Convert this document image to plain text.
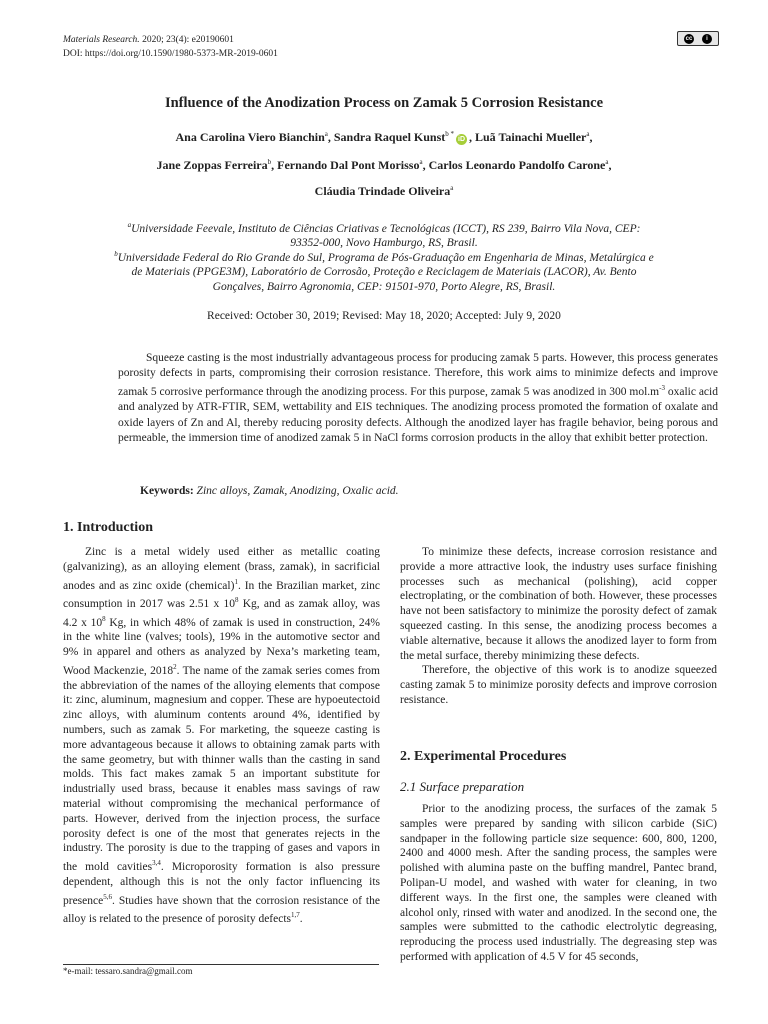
Materials Research. 2020; 23(4): e20190601
DOI: https://doi.org/10.1590/1980-5373-MR-2019-0601
cc	i
Influence of the Anodization Process on Zamak 5 Corrosion Resistance
Ana Carolina Viero Bianchin$^a$, Sandra Raquel Kunst$^{b *}$iD , Luã Tainachi Mueller$^a$,
Jane Zoppas Ferreira$^b$, Fernando Dal Pont Morisso$^a$, Carlos Leonardo Pandolfo Carone$^a$,
Cláudia Trindade Oliveira$^a$
$^a$Universidade Feevale, Instituto de Ciências Criativas e Tecnológicas (ICCT), RS 239, Bairro Vila Nova, CEP: 93352-000, Novo Hamburgo, RS, Brasil.
$^b$Universidade Federal do Rio Grande do Sul, Programa de Pós-Graduação em Engenharia de Minas, Metalúrgica e de Materiais (PPGE3M), Laboratório de Corrosão, Proteção e Reciclagem de Materiais (LACOR), Av. Bento Gonçalves, Bairro Agronomia, CEP: 91501-970, Porto Alegre, RS, Brasil.
Received: October 30, 2019; Revised: May 18, 2020; Accepted: July 9, 2020
Squeeze casting is the most industrially advantageous process for producing zamak 5 parts. However, this process generates porosity defects in parts, compromising their corrosion resistance. Therefore, this work aims to minimize defects and improve zamak 5 corrosive performance through the anodizing process. For this purpose, zamak 5 was anodized in 300 $mol.m^{-3}$ oxalic acid and analyzed by ATR-FTIR, SEM, wettability and EIS techniques. The anodizing process promoted the formation of oxalate and oxide layers of Zn and Al, thereby reducing porosity defects. Although the anodized layer has fragile behavior, being porous and permeable, the immersion time of anodized zamak 5 in NaCl forms corrosion products in the alloy that exhibit better protection.
Keywords: Zinc alloys, Zamak, Anodizing, Oxalic acid.
1. Introduction

Zinc is a metal widely used either as metallic coating (galvanizing), as an alloying element (brass, zamak), in sacrificial anodes and as zinc oxide (chemical)$^1$. In the Brazilian market, zinc consumption in 2017 was 2.51 x $10^8$ Kg, and as zamak alloy, was 4.2 x $10^8$ Kg, in which 48% of zamak is used in construction, 24% in the white line (valves; tools), 19% in the automotive sector and 9% in apparel and others as analyzed by Nexa’s marketing team, Wood Mackenzie, 2018$^2$. The name of the zamak series comes from the abbreviation of the names of the alloying elements that compose it: zinc, aluminum, magnesium and copper. These are hypoeutectoid zinc alloys, with aluminum contents around 4%, identified by numbers, such as zamak 5. For marketing, the squeeze casting is more advantageous because it allows to obtaining zamak parts with the same geometry, but with thinner walls than the casting in sand molds. This fact makes zamak 5 an important substitute for industrially used brass, because it enables mass savings of raw material without compromising the mechanical performance of parts. However, derived from the injection process, the surface porosity defect is one of the most that generates rejects in the industry. The porosity is due to the trapping of gases and vapors in the mold cavities$^{3,4}$. Microporosity formation is also pressure dependent, although this is not the only factor influencing its presence$^{5,6}$. Studies have shown that the corrosion resistance of the alloy is related to the presence of porosity defects$^{1,7}$.

To minimize these defects, increase corrosion resistance and provide a more attractive look, the industry uses surface finishing processes such as mechanical (polishing), acid copper electroplating, or the combination of both. However, these processes have not been satisfactory to minimize the porosity defect of zamak squeezed casting. In this sense, the anodizing process becomes a viable alternative, because it allows the anodized layer to form from the metal surface, thereby minimizing these defects.

Therefore, the objective of this work is to anodize squeezed casting zamak 5 to minimize porosity defects and improve corrosion resistance.

2. Experimental Procedures
2.1 Surface preparation

Prior to the anodizing process, the surfaces of the zamak 5 samples were prepared by sanding with silicon carbide (SiC) sandpaper in the following particle size sequence: 600, 800, 1200, 2400 and 4000 mesh. After the sanding process, the samples were polished with alumina paste on the buffing mandrel, Pantec brand, Polipan-U model, and washed with water for cleaning, in two different ways. In the first one, the samples were cleaned with alcohol only, rinsed with water and anodized. In the second one, the samples were submitted to the cathodic electrolytic degreasing, reproducing the process used industrially. The degreasing step was performed with application of 4.5 V for 45 seconds,

*e-mail: tessaro.sandra@gmail.com
